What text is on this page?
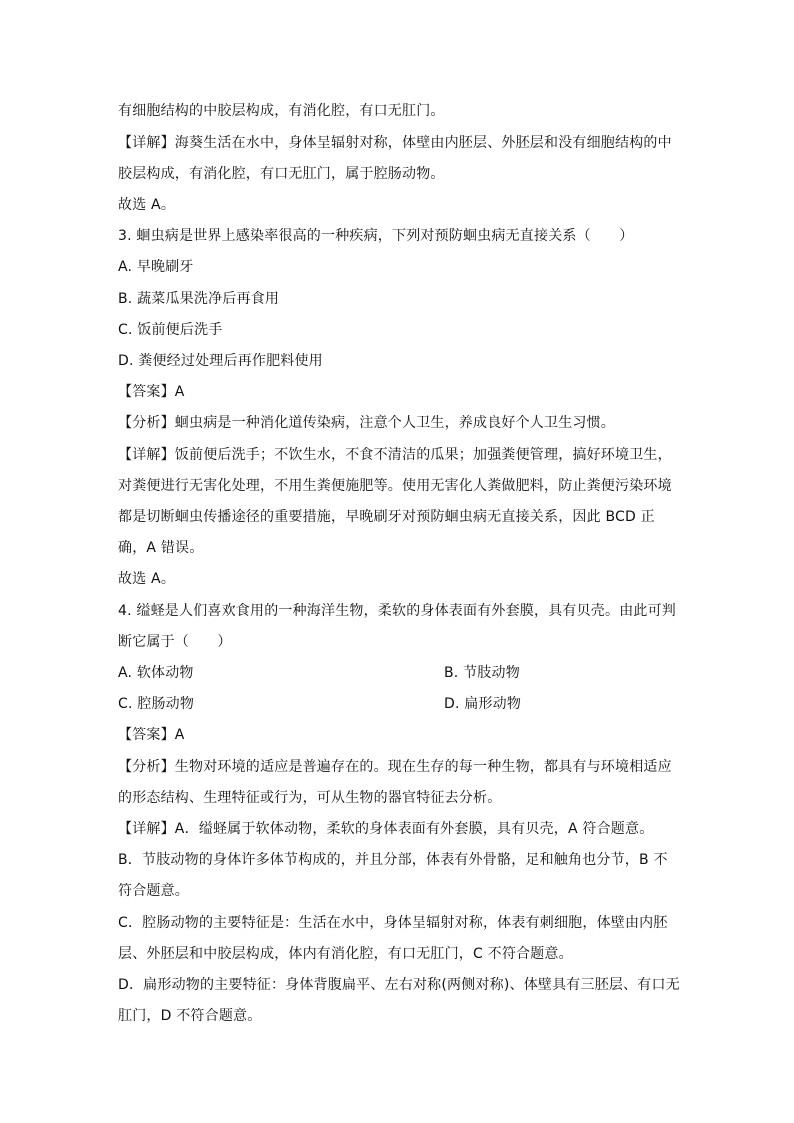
有细胞结构的中胶层构成，有消化腔，有口无肛门。
【详解】海葵生活在水中，身体呈辐射对称，体壁由内胚层、外胚层和没有细胞结构的中
胶层构成，有消化腔，有口无肛门，属于腔肠动物。
故选 A。
3. 蛔虫病是世界上感染率很高的一种疾病，下列对预防蛔虫病无直接关系（　　）
A. 早晚刷牙
B. 蔬菜瓜果洗净后再食用
C. 饭前便后洗手
D. 粪便经过处理后再作肥料使用
【答案】A
【分析】蛔虫病是一种消化道传染病，注意个人卫生，养成良好个人卫生习惯。
【详解】饭前便后洗手；不饮生水，不食不清洁的瓜果；加强粪便管理，搞好环境卫生，
对粪便进行无害化处理，不用生粪便施肥等。使用无害化人粪做肥料，防止粪便污染环境
都是切断蛔虫传播途径的重要措施，早晚刷牙对预防蛔虫病无直接关系，因此 BCD 正
确，A 错误。
故选 A。
4. 缢蛏是人们喜欢食用的一种海洋生物，柔软的身体表面有外套膜，具有贝壳。由此可判
断它属于（　　）
A. 软体动物	B. 节肢动物
C. 腔肠动物	D. 扁形动物
【答案】A
【分析】生物对环境的适应是普遍存在的。现在生存的每一种生物，都具有与环境相适应
的形态结构、生理特征或行为，可从生物的器官特征去分析。
【详解】A．缢蛏属于软体动物，柔软的身体表面有外套膜，具有贝壳，A 符合题意。
B．节肢动物的身体许多体节构成的，并且分部，体表有外骨骼，足和触角也分节，B 不
符合题意。
C．腔肠动物的主要特征是：生活在水中，身体呈辐射对称，体表有刺细胞，体壁由内胚
层、外胚层和中胶层构成，体内有消化腔，有口无肛门，C 不符合题意。
D．扁形动物的主要特征：身体背腹扁平、左右对称(两侧对称)、体壁具有三胚层、有口无
肛门，D 不符合题意。
